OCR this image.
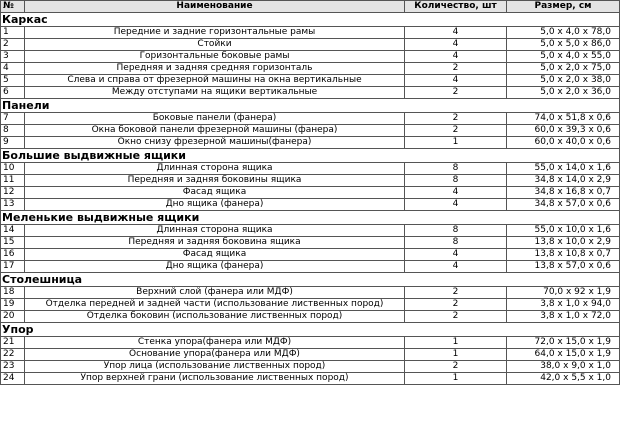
№	Наименование	Количество, шт	Размер, см
Каркас			
1	Передние и задние горизонтальные рамы	4	5,0 x 4,0 x 78,0
2	Стойки	4	5,0 x 5,0 x 86,0
3	Горизонтальные боковые рамы	4	5,0 x 4,0 x 55,0
4	Передняя и задняя средняя горизонталь	2	5,0 x 2,0 x 75,0
5	Слева и справа от фрезерной машины на окна вертикальные	4	5,0 x 2,0 x 38,0
6	Между отступами на ящики вертикальные	2	5,0 x 2,0 x 36,0
Панели			
7	Боковые панели (фанера)	2	74,0 x 51,8 x 0,6
8	Окна боковой панели фрезерной машины (фанера)	2	60,0 x 39,3 x 0,6
9	Окно снизу фрезерной машины(фанера)	1	60,0 x 40,0 x 0,6
Большие выдвижные ящики			
10	Длинная сторона ящика	8	55,0 x 14,0 x 1,6
11	Передняя и задняя боковины ящика	8	34,8 x 14,0 x 2,9
12	Фасад ящика	4	34,8 x 16,8 x 0,7
13	Дно ящика (фанера)	4	34,8 x 57,0 x 0,6
Меленькие выдвижные ящики			
14	Длинная сторона ящика	8	55,0 x 10,0 x 1,6
15	Передняя и задняя боковина ящика	8	13,8 x 10,0 x 2,9
16	Фасад ящика	4	13,8 x 10,8 x 0,7
17	Дно ящика (фанера)	4	13,8 x 57,0 x 0,6
Столешница			
18	Верхний слой (фанера или МДФ)	2	70,0 x 92 x 1,9
19	Отделка передней и задней части (использование лиственных пород)	2	3,8 x 1,0 x 94,0
20	Отделка боковин (использование лиственных пород)	2	3,8 x 1,0 x 72,0
Упор			
21	Стенка упора(фанера или МДФ)	1	72,0 x 15,0 x 1,9
22	Основание упора(фанера или МДФ)	1	64,0 x 15,0 x 1,9
23	Упор лица (использование лиственных пород)	2	38,0 x 9,0 x 1,0
24	Упор верхней грани (использование лиственных пород)	1	42,0 x 5,5 x 1,0
